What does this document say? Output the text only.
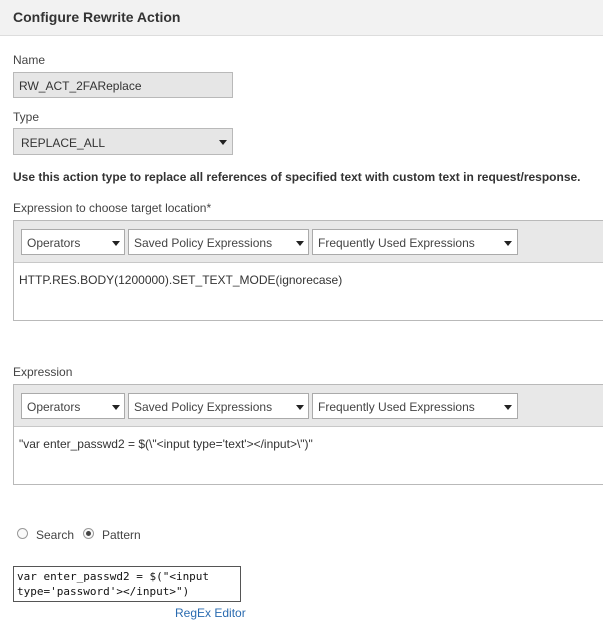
Configure Rewrite Action
Name
RW_ACT_2FAReplace
Type
REPLACE_ALL
Use this action type to replace all references of specified text with custom text in request/response.
Expression to choose target location*
Operators	Saved Policy Expressions	Frequently Used Expressions
HTTP.RES.BODY(1200000).SET_TEXT_MODE(ignorecase)
Expression
Operators	Saved Policy Expressions	Frequently Used Expressions
"var enter_passwd2 = $(\"<input type='text'></input>\")"
Search Pattern
var enter_passwd2 = $("<input
type='password'></input>")
RegEx Editor
